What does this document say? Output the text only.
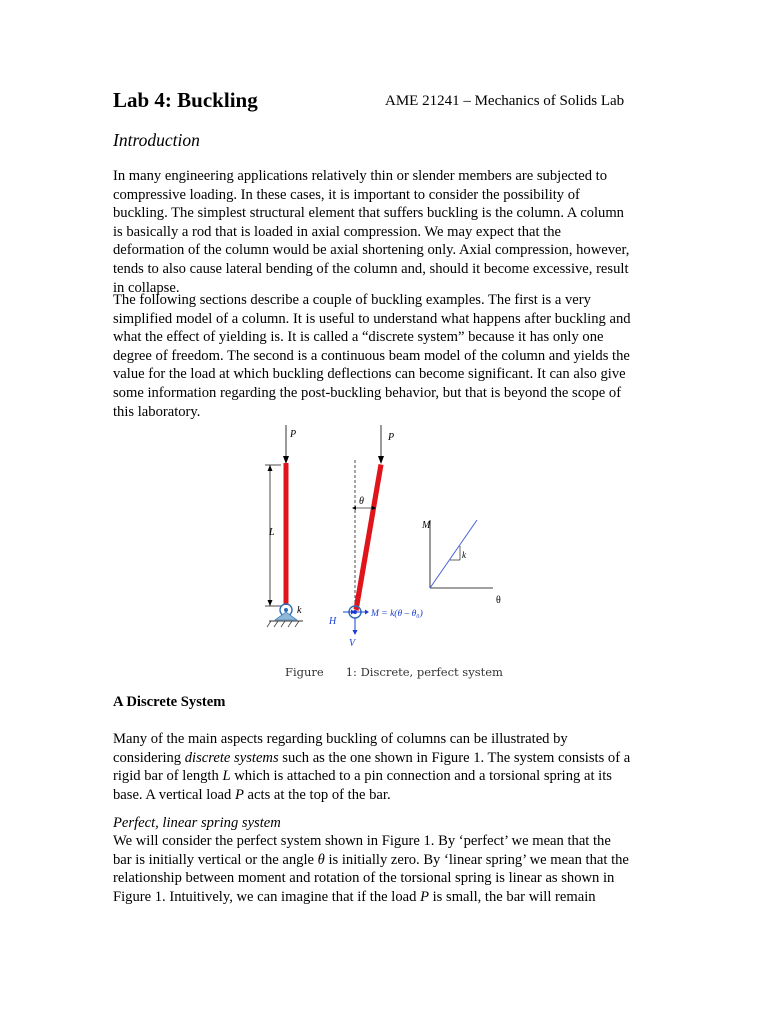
Lab 4: Buckling	AME 21241 – Mechanics of Solids Lab
Introduction

In many engineering applications relatively thin or slender members are subjected to compressive loading. In these cases, it is important to consider the possibility of buckling. The simplest structural element that suffers buckling is the column. A column is basically a rod that is loaded in axial compression. We may expect that the deformation of the column would be axial shortening only. Axial compression, however, tends to also cause lateral bending of the column and, should it become excessive, result in collapse.

The following sections describe a couple of buckling examples. The first is a very simplified model of a column. It is useful to understand what happens after buckling and what the effect of yielding is. It is called a “discrete system” because it has only one degree of freedom. The second is a continuous beam model of the column and yields the value for the load at which buckling deflections can become significant. It can also give some information regarding the post-buckling behavior, but that is beyond the scope of this laboratory.

P
L
k
P
θ
H
V
M = k(θ – θ₀)
M
θ
k
Figure 1: Discrete, perfect system
A Discrete System

Many of the main aspects regarding buckling of columns can be illustrated by considering discrete systems such as the one shown in Figure 1. The system consists of a rigid bar of length L which is attached to a pin connection and a torsional spring at its base. A vertical load P acts at the top of the bar.

Perfect, linear spring system

We will consider the perfect system shown in Figure 1. By ‘perfect’ we mean that the bar is initially vertical or the angle θ is initially zero. By ‘linear spring’ we mean that the relationship between moment and rotation of the torsional spring is linear as shown in Figure 1. Intuitively, we can imagine that if the load P is small, the bar will remain
